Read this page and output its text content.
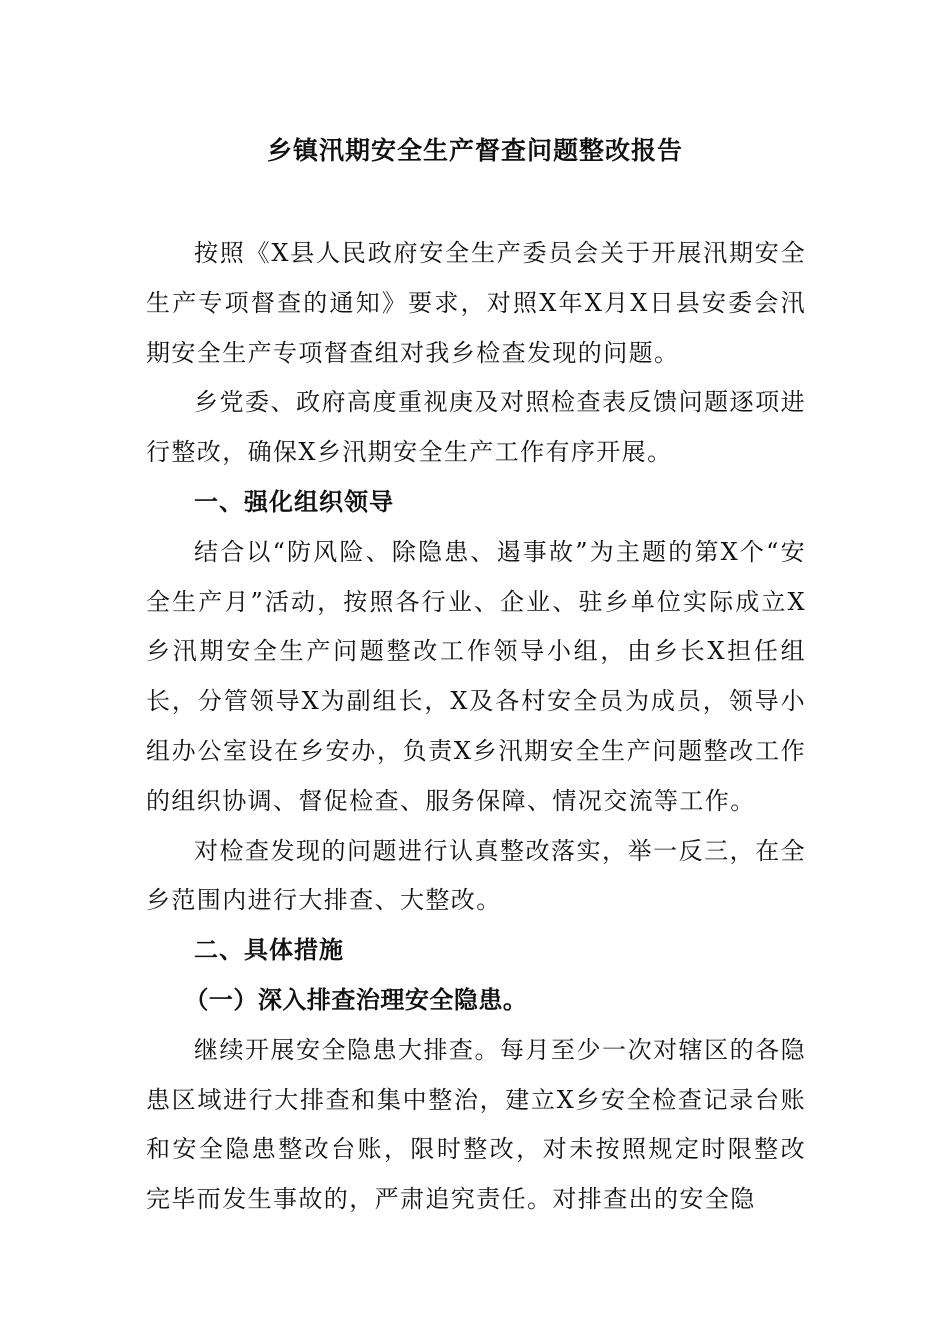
乡镇汛期安全生产督查问题整改报告

按照《X县人民政府安全生产委员会关于开展汛期安全生产专项督查的通知》要求，对照X年X月X日县安委会汛期安全生产专项督查组对我乡检查发现的问题。

乡党委、政府高度重视庚及对照检查表反馈问题逐项进行整改，确保X乡汛期安全生产工作有序开展。

一、强化组织领导

结合以“防风险、除隐患、遏事故”为主题的第X个“安全生产月”活动，按照各行业、企业、驻乡单位实际成立X乡汛期安全生产问题整改工作领导小组，由乡长X担任组长，分管领导X为副组长，X及各村安全员为成员，领导小组办公室设在乡安办，负责X乡汛期安全生产问题整改工作的组织协调、督促检查、服务保障、情况交流等工作。

对检查发现的问题进行认真整改落实，举一反三，在全乡范围内进行大排查、大整改。

二、具体措施

（一）深入排查治理安全隐患。

继续开展安全隐患大排查。每月至少一次对辖区的各隐患区域进行大排查和集中整治，建立X乡安全检查记录台账和安全隐患整改台账，限时整改，对未按照规定时限整改完毕而发生事故的，严肃追究责任。对排查出的安全隐
